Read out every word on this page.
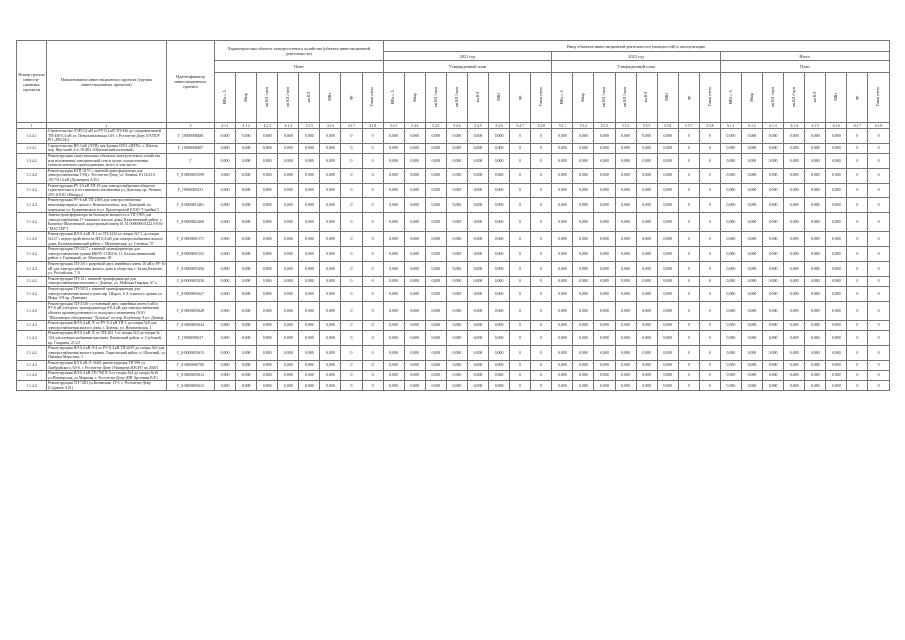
Номер группы инвести-ционных проектов	Наименование инвестиционного проекта (группы инвестиционных проектов)	Идентификатор инвестиционного проекта	Характеристика объекта электросетевого хозяйства (объекта инвестиционной деятельности)								Ввод объектов инвестиционной деятельности (мощностей) в эксплуатацию																							
											2021 год								2023 год								Итого							
			План								Утвержденный план								Утвержденный план								План							
			МВт×А	Мвар	км ВЛ 1-цеп	км ВЛ 2-цеп	км КЛ	МВт	др.	Точки учета	МВт×А	Мвар	км ВЛ 1-цеп	км ВЛ 2-цеп	км КЛ	МВт	др.	Точки учета	МВт×А	Мвар	км ВЛ 1-цеп	км ВЛ 2-цеп	км КЛ	МВт	др.	Точки учета	МВт×А	Мвар	км ВЛ 1-цеп	км ВЛ 2-цеп	км КЛ	МВт	др.	Точки учета
1	2	3	4.1.1	4.1.2	4.1.3	4.1.4	4.1.5	4.1.6	4.1.7	4.1.8	5.4.1	5.4.2	5.4.3	5.4.4	5.4.5	5.4.6	5.4.7	5.4.8	5.5.1	5.5.2	5.5.3	5.5.4	5.5.5	5.5.6	5.5.7	5.5.8	6.1.1	6.1.2	6.1.3	6.1.4	6.1.5	6.1.6	6.1.7	6.1.8
1.3.4.1	Строительство ЛЭП 0,4 кВ от РУ-0,4 кВ ТП-446 до соединительной ТП-438 0,4 кВ ул. Петропавловская 10/1 г. Ростов-на-Дону (ГАПОУ РО «РКСИ»)	Г_19000008488	0,000	0,000	0,000	0,000	0,000	0,000	0	0	0,000	0,000	0,000	0,000	0,000	0,000	0	0	0,000	0,000	0,000	0,000	0,000	0,000	0	0	0,000	0,000	0,000	0,000	0,000	0,000	0	0
1.3.4.1	Строительство ВЛ 3 кВ (ЛЭП) для Здания ООО «МТП», г. Шахты, пер. Якутский, 2-е, ОСКО «Шахтинский пахотный»	Г_19000008487	0,000	0,000	0,000	0,000	0,000	0,000	0	0	0,000	0,000	0,000	0,000	0,000	0,000	0	0	0,000	0,000	0,000	0,000	0,000	0,000	0	0	0,000	0,000	0,000	0,000	0,000	0,000	0	0
1.3.4.2	Реконструкция существующих объектов электросетевого хозяйства или исключения электрической сети в целях осуществления технологического присоединения, всего, в том числе:	Г	0,000	0,000	0,000	0,000	0,000	0,000	0	0	0,000	0,000	0,000	0,000	0,000	0,000	0	0	0,000	0,000	0,000	0,000	0,000	0,000	0	0	0,000	0,000	0,000	0,000	0,000	0,000	0	0
1.1.4.2	Реконструкция КТП-4157 с заменой трансформатора для электроснабжения ТЭЦ г. Ростов-на-Дону, ул. Ленина, 81 №3/10 1817/0 14 кВ (Дальнеров А.Н.)	Г_0-0000005399	0,000	0,000	0,000	0,000	0,000	0,000	0	0	0,000	0,000	0,000	0,000	0,000	0,000	0	0	0,000	0,000	0,000	0,000	0,000	0,000	0	0	0,000	0,000	0,000	0,000	0,000	0,000	0	0
1.1.4.2	Реконструкция РУ-10 кВ ТП-18 для электроснабжения объектов туристического и гостиничного назначения ул. Донская, пр. Ленина, 29/1 (ООО «Рекорд»)	Г_19000005431	0,000	0,000	0,000	0,000	0,000	0,000	0	0	0,000	0,000	0,000	0,000	0,000	0,000	0	0	0,000	0,000	0,000	0,000	0,000	0,000	0	0	0,000	0,000	0,000	0,000	0,000	0,000	0	0
1.1.4.2	Реконструкция РУ-6 кВ ТП-2369 для электроснабжения многоквартирных домов г. Новошахтинска, пер. Донецкий, по переулкам ул. Буденновского и ул. Пролетарской (ООО "Стройка")	Г_0-0000001461	0,000	0,000	0,000	0,000	0,000	0,000	0	0	0,000	0,000	0,000	0,000	0,000	0,000	0	0	0,000	0,000	0,000	0,000	0,000	0,000	0	0	0,000	0,000	0,000	0,000	0,000	0,000	0	0
1.1.4.2	Замена трансформатора на большую мощность в ТП-1905 для электроснабжения 17-этажного жилого дома, Калитвенский район, г. Каменск-Шахтинский, кадастровый номер 61:51:0000000:0222 (ООО "МАСТЕР")	Г_0-0000002460	0,000	0,000	0,000	0,000	0,000	0,000	0	0	0,000	0,000	0,000	0,000	0,000	0,000	0	0	0,000	0,000	0,000	0,000	0,000	0,000	0	0	0,000	0,000	0,000	0,000	0,000	0,000	0	0
1.1.4.2	Реконструкция ВЛ-0,4 кВ Л-1 от ТП-3232 от опоры №7 1 до опоры №127 с переустройством на ВЛ 0,4 кВ для электроснабжения жилого дома, Белокалитвинский район, г. Мечетинская, ул. Степная, 57	Г_0-0000005171	0,000	0,000	0,000	0,000	0,000	0,000	0	0	0,000	0,000	0,000	0,000	0,000	0,000	0	0	0,000	0,000	0,000	0,000	0,000	0,000	0	0	0,000	0,000	0,000	0,000	0,000	0,000	0	0
1.1.4.2	Реконструкция ТП-2317 с заменой трансформатора для электроснабжения здания МБОУ СОШ № 11, Белокалитвинский район, г. Горняцкий, ул. Мичурина, 38	Г_0-0000005152	0,000	0,000	0,000	0,000	0,000	0,000	0	0	0,000	0,000	0,000	0,000	0,000	0,000	0	0	0,000	0,000	0,000	0,000	0,000	0,000	0	0	0,000	0,000	0,000	0,000	0,000	0,000	0	0
1.1.4.2	Реконструкция ТП-3/6 с разрезкой двух линейных ячеек 10 кВ и РУ-10 кВ для электроснабжения жилого дома и общества, г. Белая Калитва, ул. Российская, 7 А	Г_0-0000005456	0,000	0,000	0,000	0,000	0,000	0,000	0	0	0,000	0,000	0,000	0,000	0,000	0,000	0	0	0,000	0,000	0,000	0,000	0,000	0,000	0	0	0,000	0,000	0,000	0,000	0,000	0,000	0	0
1.1.4.2	Реконструкция ТП-14 с заменой трансформатора для электроснабжения магазина, г. Донецк, ул. Майская Гвардия, 67 а	Г_0-0000005430	0,000	0,000	0,000	0,000	0,000	0,000	0	0	0,000	0,000	0,000	0,000	0,000	0,000	0	0	0,000	0,000	0,000	0,000	0,000	0,000	0	0	0,000	0,000	0,000	0,000	0,000	0,000	0	0
1.1.4.2	Реконструкция ТП-5013 с заменой трансформатора для электроснабжения жилого дома пер. Шорох, 6 А и жилого здания ул. Мира, 5/8 пр. Донецкое	Г_0-0000005627	0,000	0,000	0,000	0,000	0,000	0,000	0	0	0,000	0,000	0,000	0,000	0,000	0,000	0	0	0,000	0,000	0,000	0,000	0,000	0,000	0	0	0,000	0,000	0,000	0,000	0,000	0,000	0	0
1.1.4.2	Реконструкция ТП-3136 с установкой двух линейных ячеек 6 кВ в РУ-6 кВ и второго трансформатора 6/0,4 кВ для электроснабжения объекта производственного и складского назначения ООО "Шахтинское объединение "Донская" по пер. Клубному, 9 в г. Донецк	Г_0-0000005628	0,000	0,000	0,000	0,000	0,000	0,000	0	0	0,000	0,000	0,000	0,000	0,000	0,000	0	0	0,000	0,000	0,000	0,000	0,000	0,000	0	0	0,000	0,000	0,000	0,000	0,000	0,000	0	0
1.1.4.2	Реконструкция ВЛ-0,4 кВ Л- от РУ-0,4 кВ ТП-1 до опоры №8 для электроснабжения жилого дома, г. Донецк, ул. Нахимовская, 1	Г_0-0000005634	0,000	0,000	0,000	0,000	0,000	0,000	0	0	0,000	0,000	0,000	0,000	0,000	0,000	0	0	0,000	0,000	0,000	0,000	0,000	0,000	0	0	0,000	0,000	0,000	0,000	0,000	0,000	0	0
1.1.4.2	Реконструкция ВЛ-0,4 кВ Л- от ТП-282 1 от опоры №3 до опоры № 104 для электроснабжения магазина, Каменский район, п. Глубокий, пр. Гагарина, 21/23	Г_19000005617	0,000	0,000	0,000	0,000	0,000	0,000	0	0	0,000	0,000	0,000	0,000	0,000	0,000	0	0	0,000	0,000	0,000	0,000	0,000	0,000	0	0	0,000	0,000	0,000	0,000	0,000	0,000	0	0
1.1.4.2	Реконструкция ВЛ-0,4 кВ Л-4 от РУ-0,4 кВ ТП-4019 до опоры №5 для электроснабжения жилого здания, Тарасовский район, п. Шахтный, ул. Павлика Морозова, 1	Г_0-0000005615	0,000	0,000	0,000	0,000	0,000	0,000	0	0	0,000	0,000	0,000	0,000	0,000	0,000	0	0	0,000	0,000	0,000	0,000	0,000	0,000	0	0	0,000	0,000	0,000	0,000	0,000	0,000	0	0
1.1.4.2	Реконструкция КЛ 6 кВ Л- №68, реконструкция ТП 996 ул. Замбрайского, 63-б, г. Ростов-на-Дону (Уманцева И.В.РО по 2020)	Г_0-0000000700	0,000	0,000	0,000	0,000	0,000	0,000	0	0	0,000	0,000	0,000	0,000	0,000	0,000	0	0	0,000	0,000	0,000	0,000	0,000	0,000	0	0	0,000	0,000	0,000	0,000	0,000	0,000	0	0
1.1.4.2	Реконструкция ВЛ-0,4 кВ ТП-768 Л-3 от опоры №4 до опоры №16 ул.Пионерская, ул.Маркова, г. Ростов-на-Дону (ИП Арсеньев В.Р.)	Г_0-0000005614	0,000	0,000	0,000	0,000	0,000	0,000	0	0	0,000	0,000	0,000	0,000	0,000	0,000	0	0	0,000	0,000	0,000	0,000	0,000	0,000	0	0	0,000	0,000	0,000	0,000	0,000	0,000	0	0
1.1.4.2	Реконструкция ТП-7283 ул.Кочевская, 15-б, г. Ростов-на-Дону (Садинов А.В.)	Г_0-0000005613	0,000	0,000	0,000	0,000	0,000	0,000	0	0	0,000	0,000	0,000	0,000	0,000	0,000	0	0	0,000	0,000	0,000	0,000	0,000	0,000	0	0	0,000	0,000	0,000	0,000	0,000	0,000	0	0
